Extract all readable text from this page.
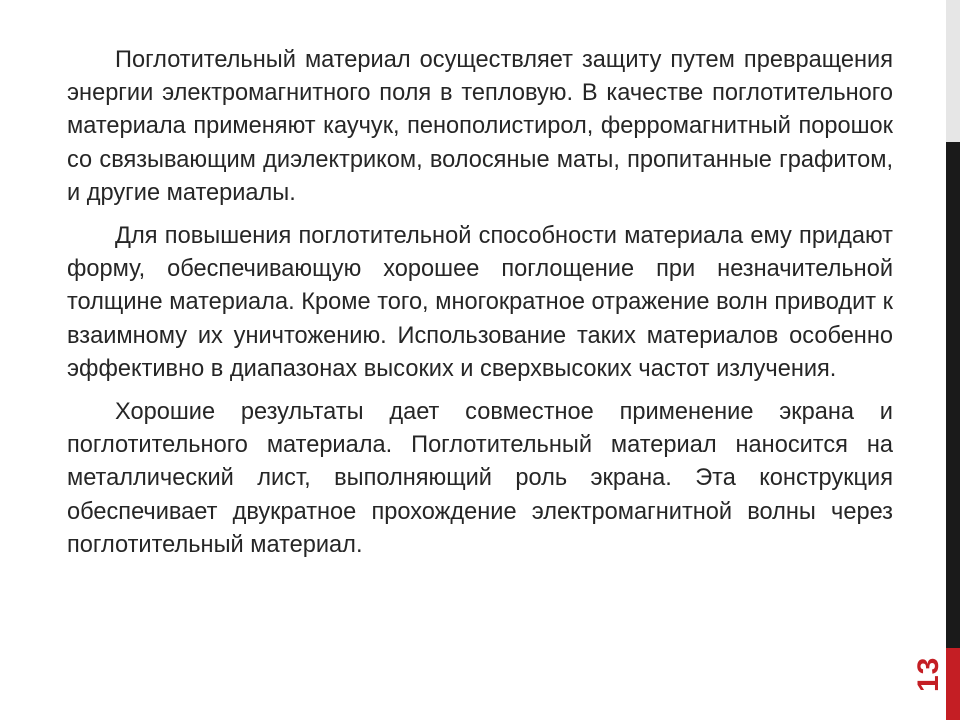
13

Поглотительный материал осуществляет защиту путем превращения энергии электромагнитного поля в тепловую. В качестве поглотительного материала применяют каучук, пенополистирол, ферромагнитный порошок со связывающим диэлектриком, волосяные маты, пропитанные графитом, и другие материалы.

Для повышения поглотительной способности материала ему придают форму, обеспечивающую хорошее поглощение при незначительной толщине материала. Кроме того, многократное отражение волн приводит к взаимному их уничтожению. Использование таких материалов особенно эффективно в диапазонах высоких и сверхвысоких частот излучения.

Хорошие результаты дает совместное применение экрана и поглотительного материала. Поглотительный материал наносится на металлический лист, выполняющий роль экрана. Эта конструкция обеспечивает двукратное прохождение электромагнитной волны через поглотительный материал.
